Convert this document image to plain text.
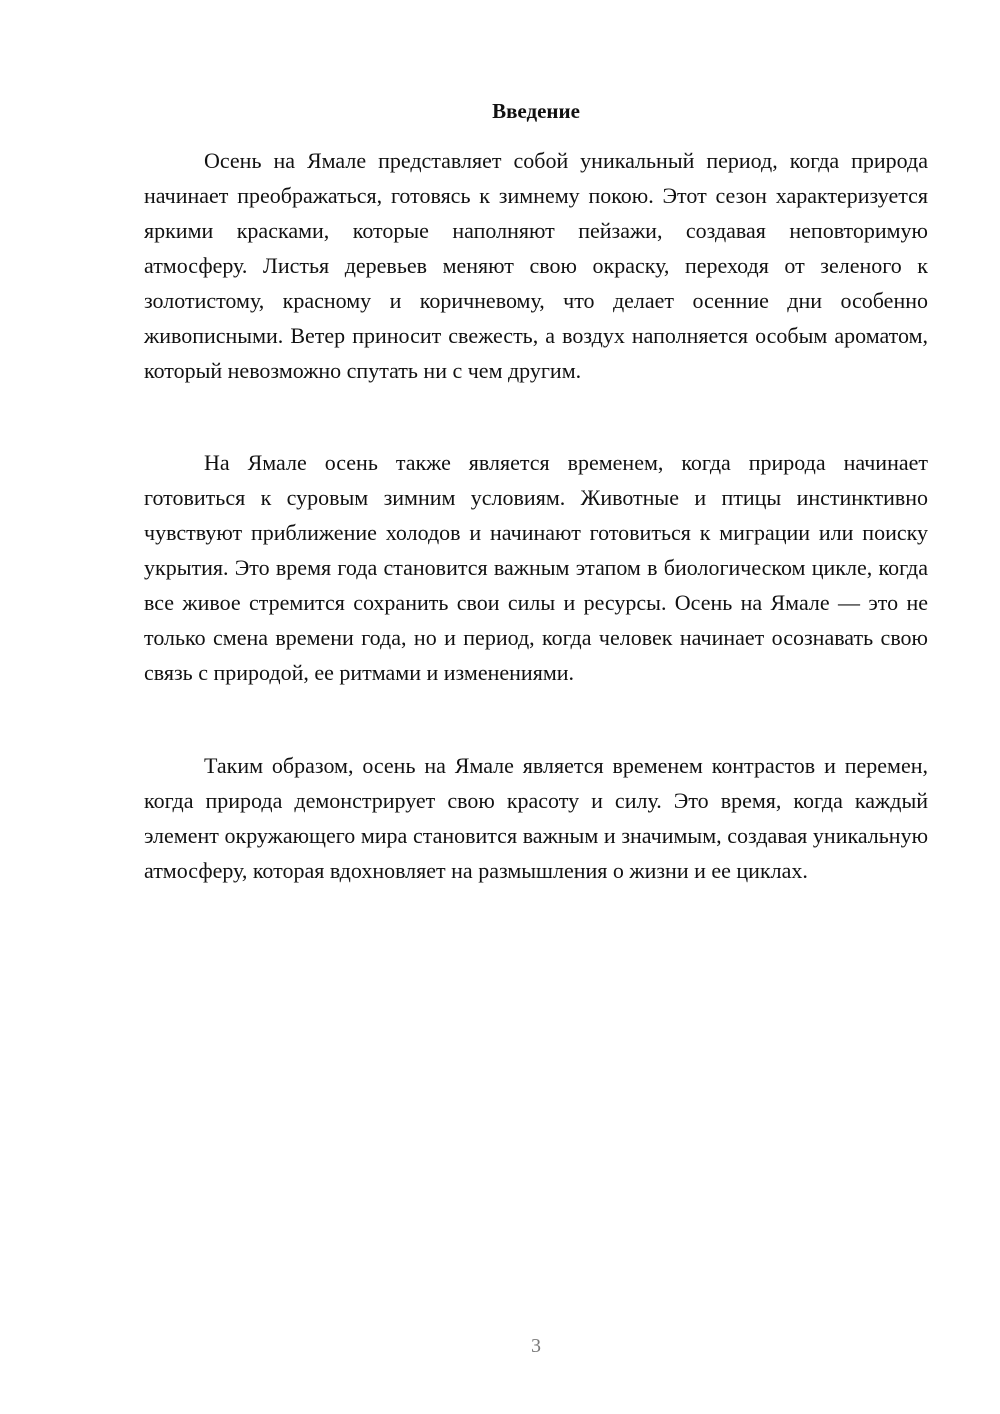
Введение

Осень на Ямале представляет собой уникальный период, когда природа начинает преображаться, готовясь к зимнему покою. Этот сезон характеризуется яркими красками, которые наполняют пейзажи, создавая неповторимую атмосферу. Листья деревьев меняют свою окраску, переходя от зеленого к золотистому, красному и коричневому, что делает осенние дни особенно живописными. Ветер приносит свежесть, а воздух наполняется особым ароматом, который невозможно спутать ни с чем другим.

На Ямале осень также является временем, когда природа начинает готовиться к суровым зимним условиям. Животные и птицы инстинктивно чувствуют приближение холодов и начинают готовиться к миграции или поиску укрытия. Это время года становится важным этапом в биологическом цикле, когда все живое стремится сохранить свои силы и ресурсы. Осень на Ямале — это не только смена времени года, но и период, когда человек начинает осознавать свою связь с природой, ее ритмами и изменениями.

Таким образом, осень на Ямале является временем контрастов и перемен, когда природа демонстрирует свою красоту и силу. Это время, когда каждый элемент окружающего мира становится важным и значимым, создавая уникальную атмосферу, которая вдохновляет на размышления о жизни и ее циклах.

3
